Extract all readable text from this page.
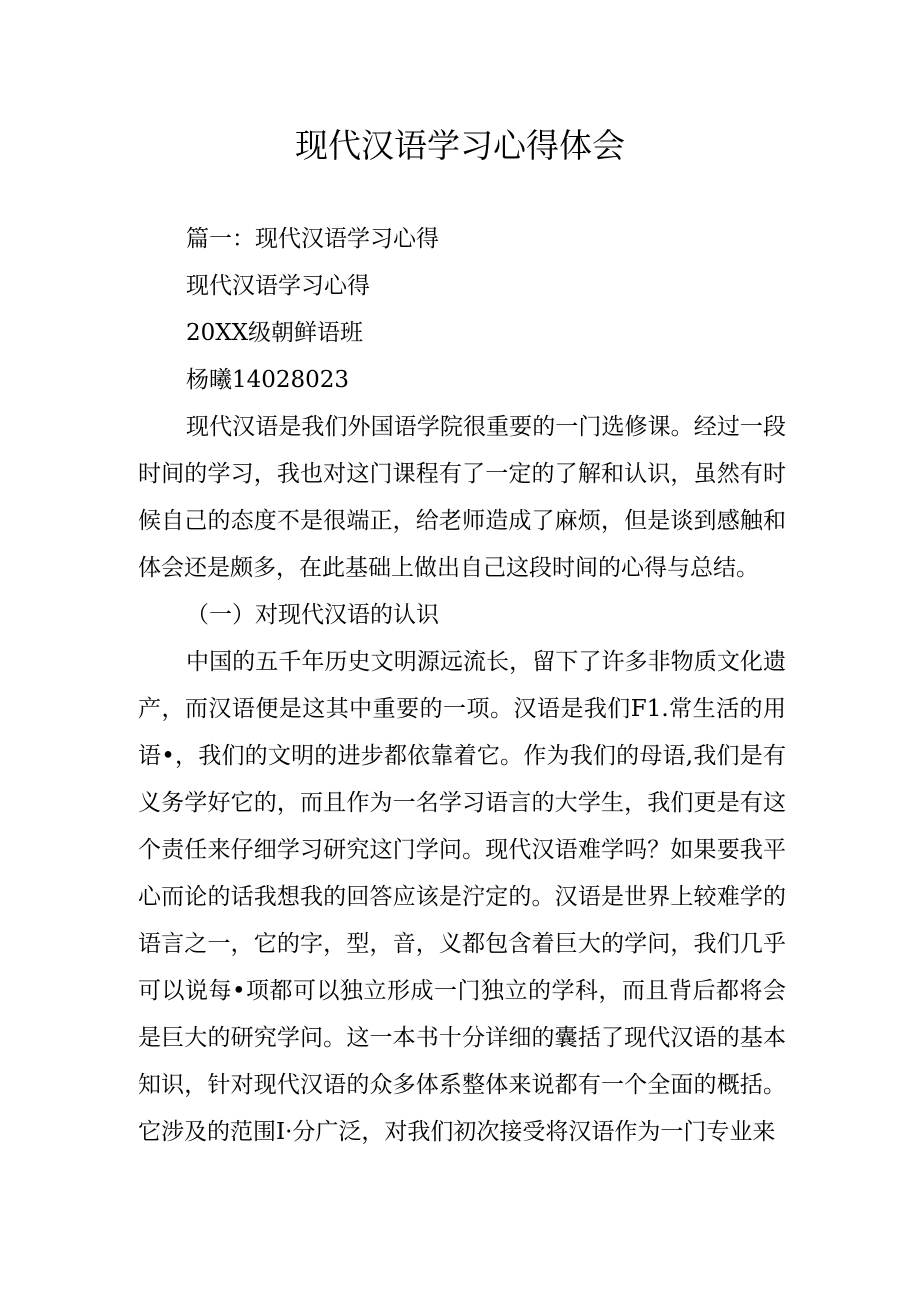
现代汉语学习心得体会

篇一：现代汉语学习心得

现代汉语学习心得

20XX级朝鲜语班

杨曦14028023

现代汉语是我们外国语学院很重要的一门选修课。经过一段时间的学习，我也对这门课程有了一定的了解和认识，虽然有时候自己的态度不是很端正，给老师造成了麻烦，但是谈到感触和体会还是颇多，在此基础上做出自己这段时间的心得与总结。

（一）对现代汉语的认识

中国的五千年历史文明源远流长，留下了许多非物质文化遗产，而汉语便是这其中重要的一项。汉语是我们F1.常生活的用语•，我们的文明的进步都依靠着它。作为我们的母语,我们是有义务学好它的，而且作为一名学习语言的大学生，我们更是有这个责任来仔细学习研究这门学问。现代汉语难学吗？如果要我平心而论的话我想我的回答应该是泞定的。汉语是世界上较难学的语言之一，它的字，型，音，义都包含着巨大的学问，我们几乎可以说每•项都可以独立形成一门独立的学科，而且背后都将会是巨大的研究学问。这一本书十分详细的囊括了现代汉语的基本知识，针对现代汉语的众多体系整体来说都有一个全面的概括。它涉及的范围I·分广泛，对我们初次接受将汉语作为一门专业来
